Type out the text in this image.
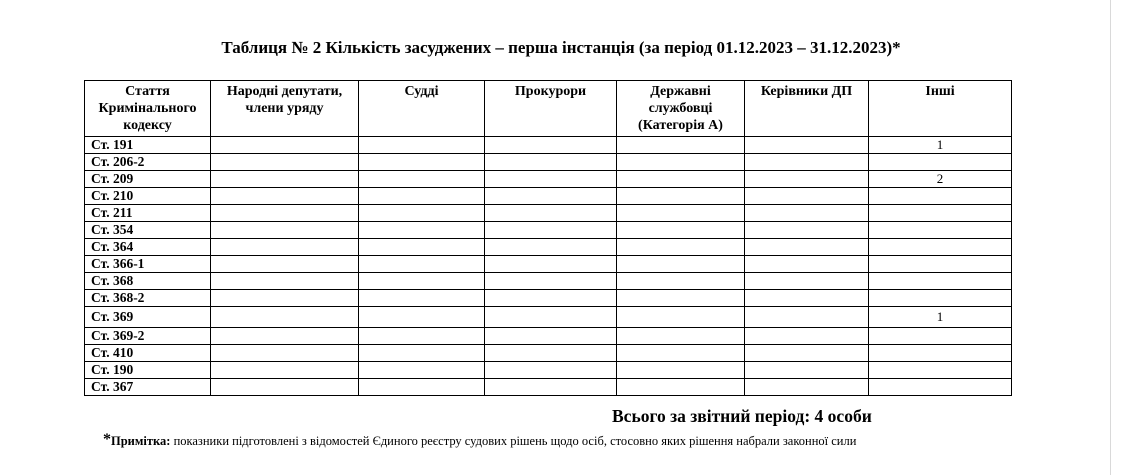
Таблиця № 2 Кількість засуджених – перша інстанція (за період 01.12.2023 – 31.12.2023)*
Стаття Кримінального кодексу	Народні депутати, члени уряду	Судді	Прокурори	Державні службовці (Категорія А)	Керівники ДП	Інші
Ст. 191						1
Ст. 206-2						
Ст. 209						2
Ст. 210						
Ст. 211						
Ст. 354						
Ст. 364						
Ст. 366-1						
Ст. 368						
Ст. 368-2						
Ст. 369						1
Ст. 369-2						
Ст. 410						
Ст. 190						
Ст. 367						
Всього за звітний період: 4 особи
*Примітка: показники підготовлені з відомостей Єдиного реєстру судових рішень щодо осіб, стосовно яких рішення набрали законної сили
